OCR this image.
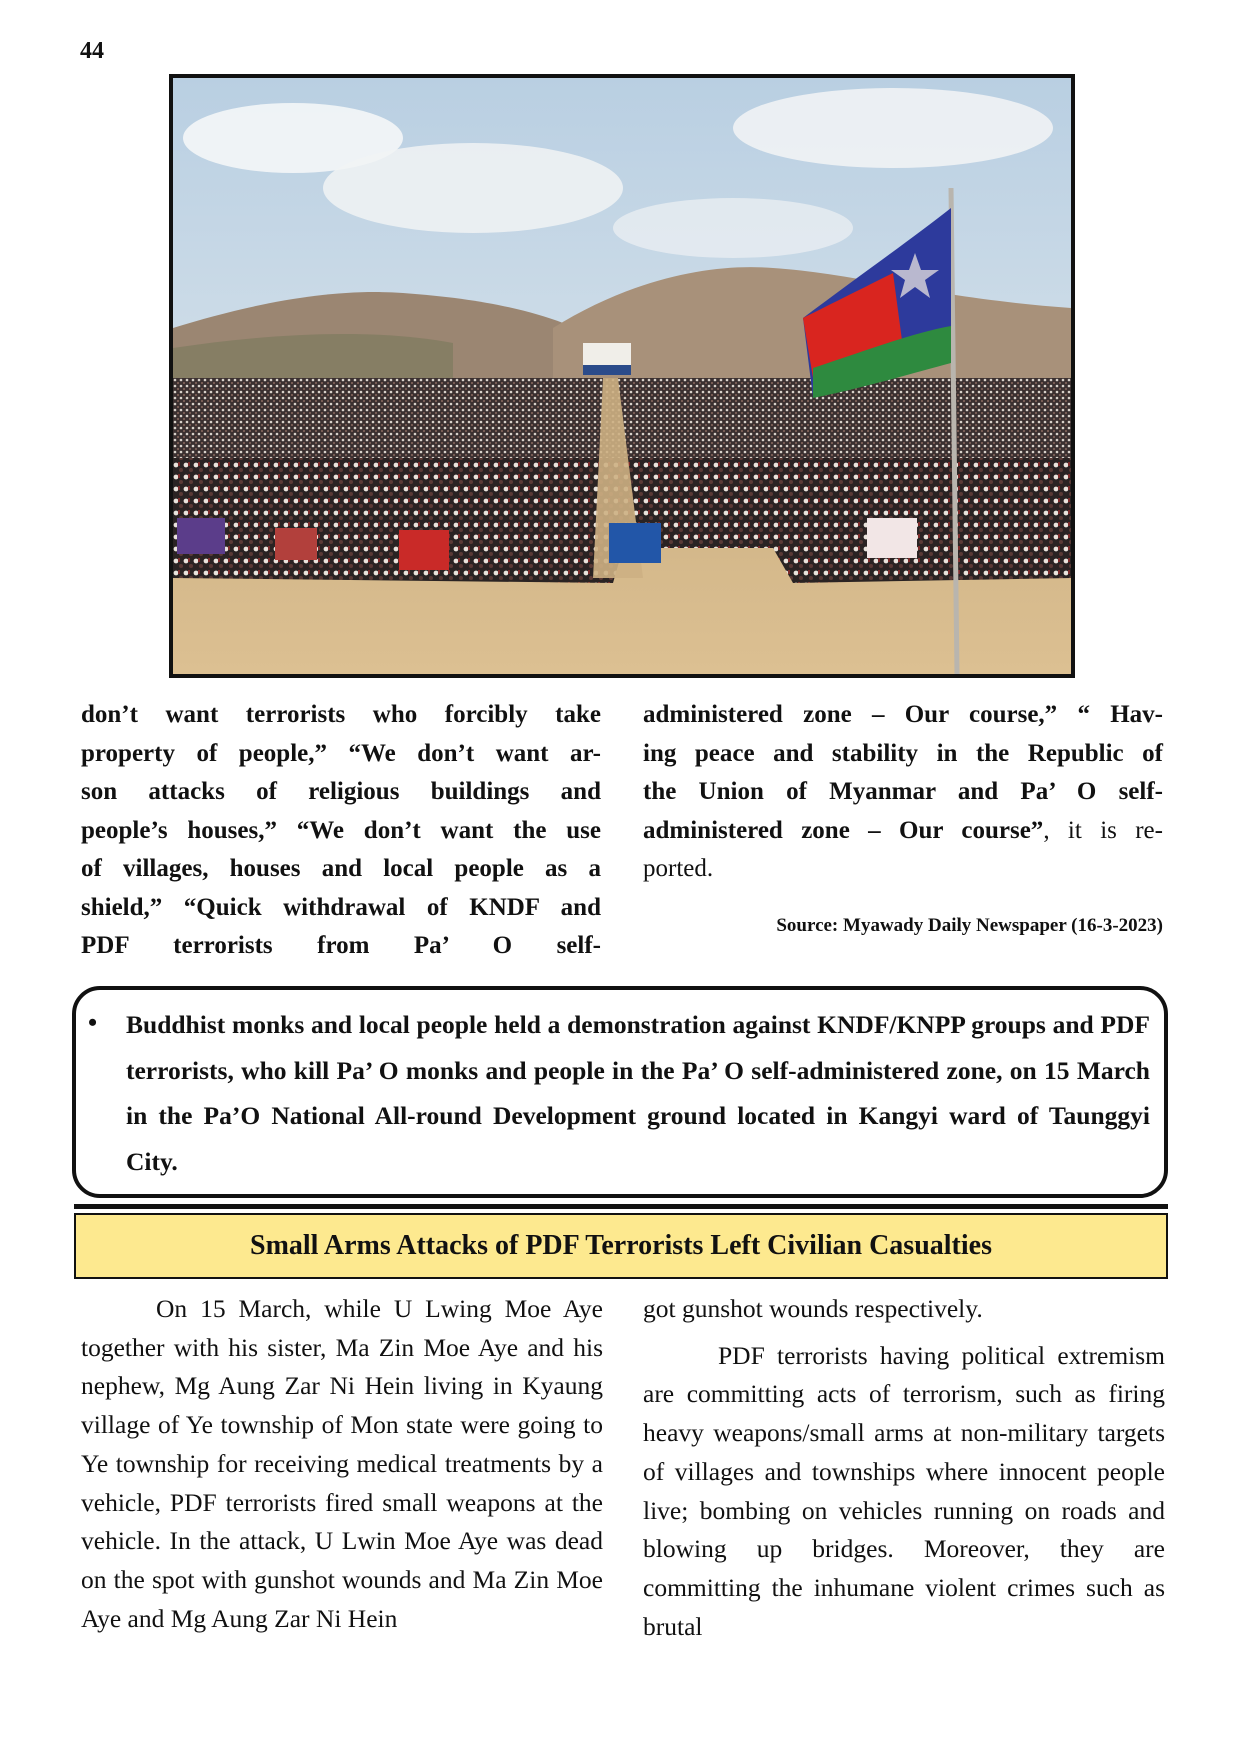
44
don’t want terrorists who forcibly take
property of people,” “We don’t want ar-
son attacks of religious buildings and
people’s houses,” “We don’t want the use
of villages, houses and local people as a
shield,” “Quick withdrawal of KNDF and
PDF terrorists from Pa’ O self-
administered zone – Our course,” “ Hav-
ing peace and stability in the Republic of
the Union of Myanmar and Pa’ O self-
administered zone – Our course”, it is re-
ported.
Source: Myawady Daily Newspaper (16-3-2023)
• Buddhist monks and local people held a demonstration against KNDF/KNPP groups and PDF terrorists, who kill Pa’ O monks and people in the Pa’ O self-administered zone, on 15 March in the Pa’O National All-round Development ground located in Kangyi ward of Taunggyi City.
Small Arms Attacks of PDF Terrorists Left Civilian Casualties

On 15 March, while U Lwing Moe Aye together with his sister, Ma Zin Moe Aye and his nephew, Mg Aung Zar Ni Hein living in Kyaung village of Ye township of Mon state were going to Ye township for receiving medical treatments by a vehicle, PDF terrorists fired small weapons at the vehicle. In the attack, U Lwin Moe Aye was dead on the spot with gunshot wounds and Ma Zin Moe Aye and Mg Aung Zar Ni Hein

got gunshot wounds respectively.

PDF terrorists having political extremism are committing acts of terrorism, such as firing heavy weapons/small arms at non-military targets of villages and townships where innocent people live; bombing on vehicles running on roads and blowing up bridges. Moreover, they are committing the inhumane violent crimes such as brutal
